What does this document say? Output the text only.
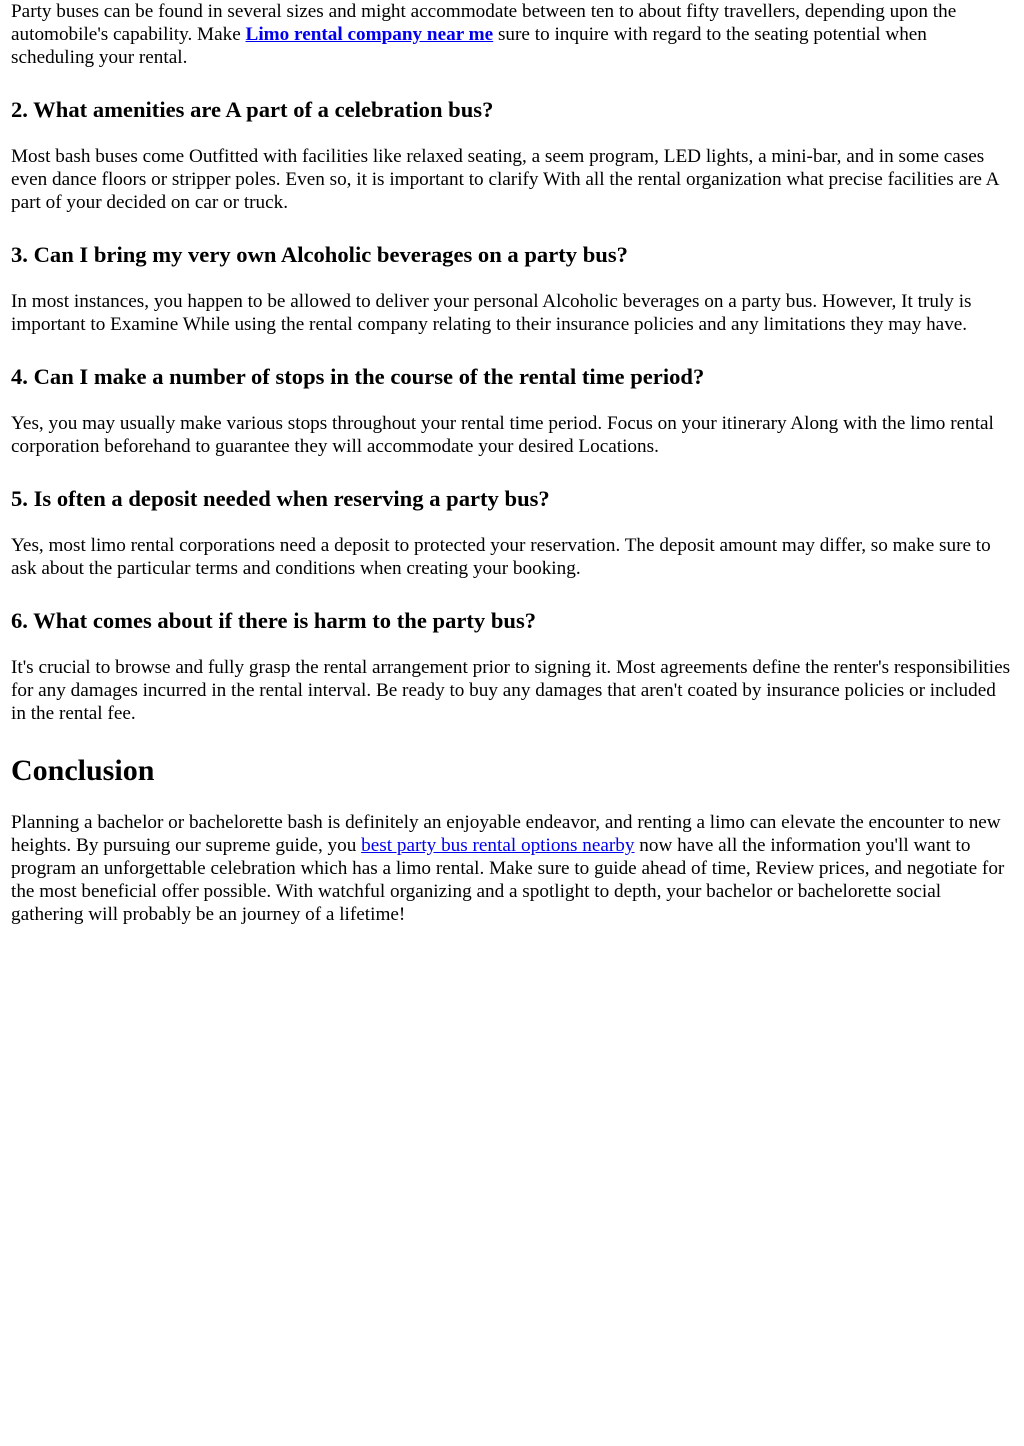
Party buses can be found in several sizes and might accommodate between ten to about fifty travellers, depending upon the automobile's capability. Make Limo rental company near me sure to inquire with regard to the seating potential when scheduling your rental.

2. What amenities are A part of a celebration bus?

Most bash buses come Outfitted with facilities like relaxed seating, a seem program, LED lights, a mini-bar, and in some cases even dance floors or stripper poles. Even so, it is important to clarify With all the rental organization what precise facilities are A part of your decided on car or truck.

3. Can I bring my very own Alcoholic beverages on a party bus?

In most instances, you happen to be allowed to deliver your personal Alcoholic beverages on a party bus. However, It truly is important to Examine While using the rental company relating to their insurance policies and any limitations they may have.

4. Can I make a number of stops in the course of the rental time period?

Yes, you may usually make various stops throughout your rental time period. Focus on your itinerary Along with the limo rental corporation beforehand to guarantee they will accommodate your desired Locations.

5. Is often a deposit needed when reserving a party bus?

Yes, most limo rental corporations need a deposit to protected your reservation. The deposit amount may differ, so make sure to ask about the particular terms and conditions when creating your booking.

6. What comes about if there is harm to the party bus?

It's crucial to browse and fully grasp the rental arrangement prior to signing it. Most agreements define the renter's responsibilities for any damages incurred in the rental interval. Be ready to buy any damages that aren't coated by insurance policies or included in the rental fee.

Conclusion

Planning a bachelor or bachelorette bash is definitely an enjoyable endeavor, and renting a limo can elevate the encounter to new heights. By pursuing our supreme guide, you best party bus rental options nearby now have all the information you'll want to program an unforgettable celebration which has a limo rental. Make sure to guide ahead of time, Review prices, and negotiate for the most beneficial offer possible. With watchful organizing and a spotlight to depth, your bachelor or bachelorette social gathering will probably be an journey of a lifetime!
